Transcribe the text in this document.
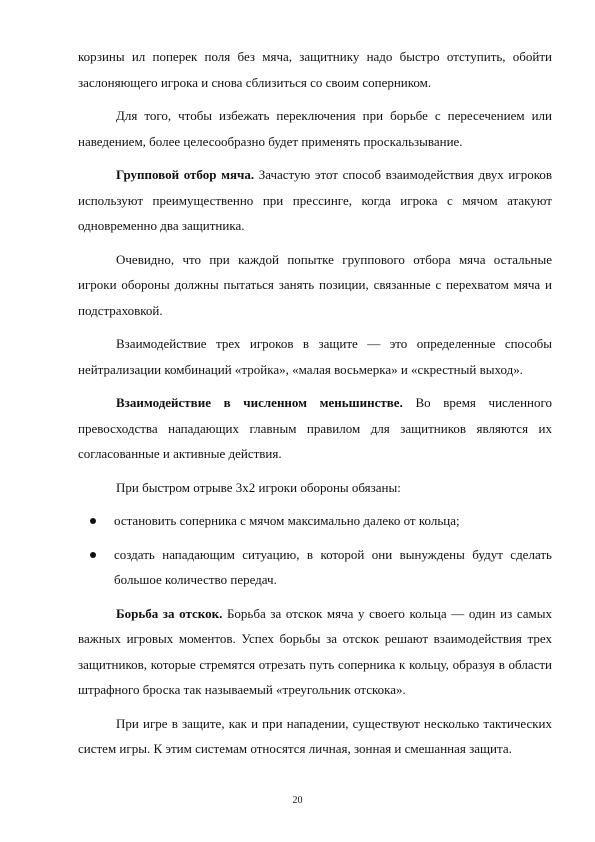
корзины ил поперек поля без мяча, защитнику надо быстро отступить, обойти заслоняющего игрока и снова сблизиться со своим соперником.

Для того, чтобы избежать переключения при борьбе с пересечением или наведением, более целесообразно будет применять проскальзывание.

Групповой отбор мяча. Зачастую этот способ взаимодействия двух игроков используют преимущественно при прессинге, когда игрока с мячом атакуют одновременно два защитника.

Очевидно, что при каждой попытке группового отбора мяча остальные игроки обороны должны пытаться занять позиции, связанные с перехватом мяча и подстраховкой.

Взаимодействие трех игроков в защите — это определенные способы нейтрализации комбинаций «тройка», «малая восьмерка» и «скрестный выход».

Взаимодействие в численном меньшинстве. Во время численного превосходства нападающих главным правилом для защитников являются их согласованные и активные действия.

При быстром отрыве 3х2 игроки обороны обязаны:

остановить соперника с мячом максимально далеко от кольца;
создать нападающим ситуацию, в которой они вынуждены будут сделать большое количество передач.

Борьба за отскок. Борьба за отскок мяча у своего кольца — один из самых важных игровых моментов. Успех борьбы за отскок решают взаимодействия трех защитников, которые стремятся отрезать путь соперника к кольцу, образуя в области штрафного броска так называемый «треугольник отскока».

При игре в защите, как и при нападении, существуют несколько тактических систем игры. К этим системам относятся личная, зонная и смешанная защита.

20
